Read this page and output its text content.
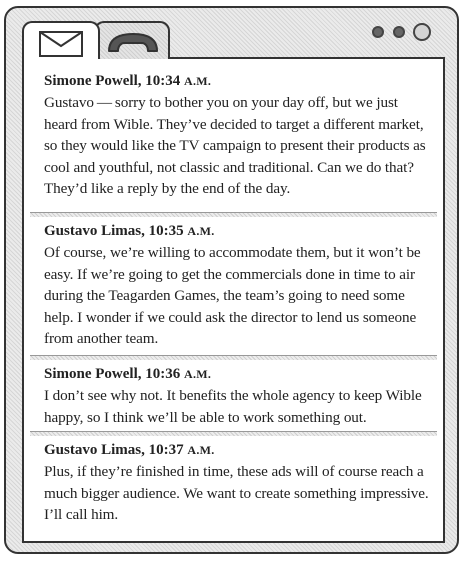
Simone Powell, 10:34 A.M.
Gustavo — sorry to bother you on your day off, but we just heard from Wible. They’ve decided to target a different market, so they would like the TV campaign to present their products as cool and youthful, not classic and traditional. Can we do that? They’d like a reply by the end of the day.
Gustavo Limas, 10:35 A.M.
Of course, we’re willing to accommodate them, but it won’t be easy. If we’re going to get the commercials done in time to air during the Teagarden Games, the team’s going to need some help. I wonder if we could ask the director to lend us someone from another team.
Simone Powell, 10:36 A.M.
I don’t see why not. It benefits the whole agency to keep Wible happy, so I think we’ll be able to work something out.
Gustavo Limas, 10:37 A.M.
Plus, if they’re finished in time, these ads will of course reach a much bigger audience. We want to create something impressive. I’ll call him.
